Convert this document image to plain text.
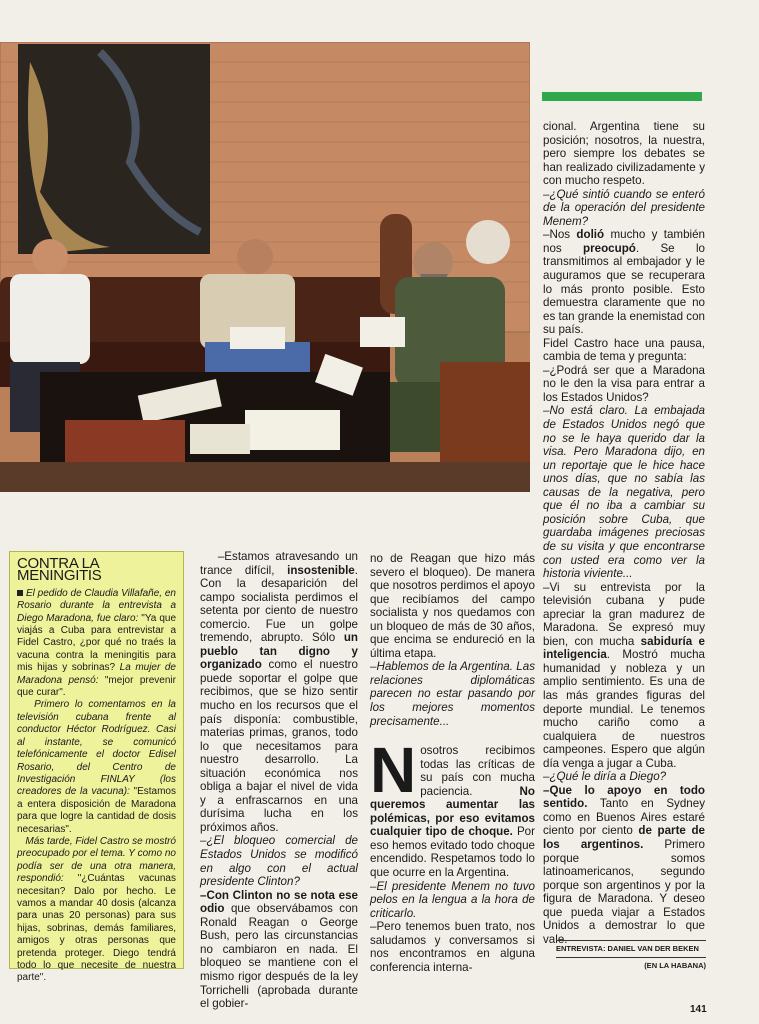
CONTRA LA MENINGITIS

El pedido de Claudia Villafañe, en Rosario durante la entrevista a Diego Maradona, fue claro: "Ya que viajás a Cuba para entrevistar a Fidel Castro, ¿por qué no traés la vacuna contra la meningitis para mis hijas y sobrinas? La mujer de Maradona pensó: "mejor prevenir que curar".

Primero lo comentamos en la televisión cubana frente al conductor Héctor Rodríguez. Casi al instante, se comunicó telefónicamente el doctor Edisel Rosario, del Centro de Investigación FINLAY (los creadores de la vacuna): "Estamos a entera disposición de Maradona para que logre la cantidad de dosis necesarias".

Más tarde, Fidel Castro se mostró preocupado por el tema. Y como no podía ser de una otra manera, respondió: "¿Cuántas vacunas necesitan? Dalo por hecho. Le vamos a mandar 40 dosis (alcanza para unas 20 personas) para sus hijas, sobrinas, demás familiares, amigos y otras personas que pretenda proteger. Diego tendrá todo lo que necesite de nuestra parte".

–Estamos atravesando un trance difícil, insostenible. Con la desaparición del campo socialista perdimos el setenta por ciento de nuestro comercio. Fue un golpe tremendo, abrupto. Sólo un pueblo tan digno y organizado como el nuestro puede soportar el golpe que recibimos, que se hizo sentir mucho en los recursos que el país disponía: combustible, materias primas, granos, todo lo que necesitamos para nuestro desarrollo. La situación económica nos obliga a bajar el nivel de vida y a enfrascarnos en una durísima lucha en los próximos años.

–¿El bloqueo comercial de Estados Unidos se modificó en algo con el actual presidente Clinton?

–Con Clinton no se nota ese odio que observábamos con Ronald Reagan o George Bush, pero las circunstancias no cambiaron en nada. El bloqueo se mantiene con el mismo rigor después de la ley Torrichelli (aprobada durante el gobier-

no de Reagan que hizo más severo el bloqueo). De manera que nosotros perdimos el apoyo que recibíamos del campo socialista y nos quedamos con un bloqueo de más de 30 años, que encima se endureció en la última etapa.

–Hablemos de la Argentina. Las relaciones diplomáticas parecen no estar pasando por los mejores momentos precisamente...

Nosotros recibimos todas las críticas de su país con mucha paciencia. No queremos aumentar las polémicas, por eso evitamos cualquier tipo de choque. Por eso hemos evitado todo choque encendido. Respetamos todo lo que ocurre en la Argentina.

–El presidente Menem no tuvo pelos en la lengua a la hora de criticarlo.

–Pero tenemos buen trato, nos saludamos y conversamos si nos encontramos en alguna conferencia interna-

cional. Argentina tiene su posición; nosotros, la nuestra, pero siempre los debates se han realizado civilizadamente y con mucho respeto.

–¿Qué sintió cuando se enteró de la operación del presidente Menem?

–Nos dolió mucho y también nos preocupó. Se lo transmitimos al embajador y le auguramos que se recuperara lo más pronto posible. Esto demuestra claramente que no es tan grande la enemistad con su país.

Fidel Castro hace una pausa, cambia de tema y pregunta:

–¿Podrá ser que a Maradona no le den la visa para entrar a los Estados Unidos?

–No está claro. La embajada de Estados Unidos negó que no se le haya querido dar la visa. Pero Maradona dijo, en un reportaje que le hice hace unos días, que no sabía las causas de la negativa, pero que él no iba a cambiar su posición sobre Cuba, que guardaba imágenes preciosas de su visita y que encontrarse con usted era como ver la historia viviente...

–Vi su entrevista por la televisión cubana y pude apreciar la gran madurez de Maradona. Se expresó muy bien, con mucha sabiduría e inteligencia. Mostró mucha humanidad y nobleza y un amplio sentimiento. Es una de las más grandes figuras del deporte mundial. Le tenemos mucho cariño como a cualquiera de nuestros campeones. Espero que algún día venga a jugar a Cuba.

–¿Qué le diría a Diego?

–Que lo apoyo en todo sentido. Tanto en Sydney como en Buenos Aires estaré ciento por ciento de parte de los argentinos. Primero porque somos latinoamericanos, segundo porque son argentinos y por la figura de Maradona. Y deseo que pueda viajar a Estados Unidos a demostrar lo que vale.

ENTREVISTA: DANIEL VAN DER BEKEN
(EN LA HABANA)
141
